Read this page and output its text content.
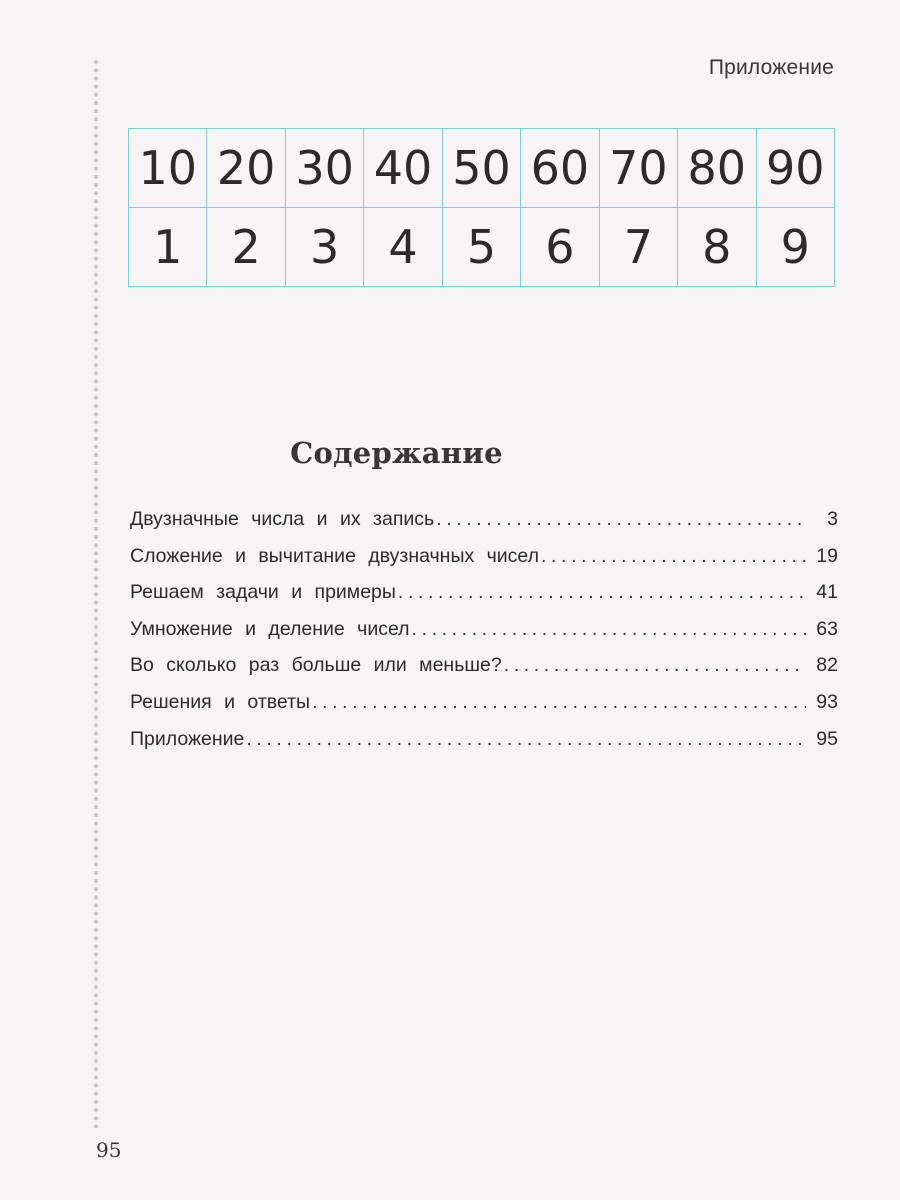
Приложение
10	20	30	40	50	60	70	80	90
1	2	3	4	5	6	7	8	9
Содержание
Двузначные числа и их запись .....	3
Сложение и вычитание двузначных чисел .....	19
Решаем задачи и примеры .....	41
Умножение и деление чисел .....	63
Во сколько раз больше или меньше? .....	82
Решения и ответы .....	93
Приложение .....	95
95
